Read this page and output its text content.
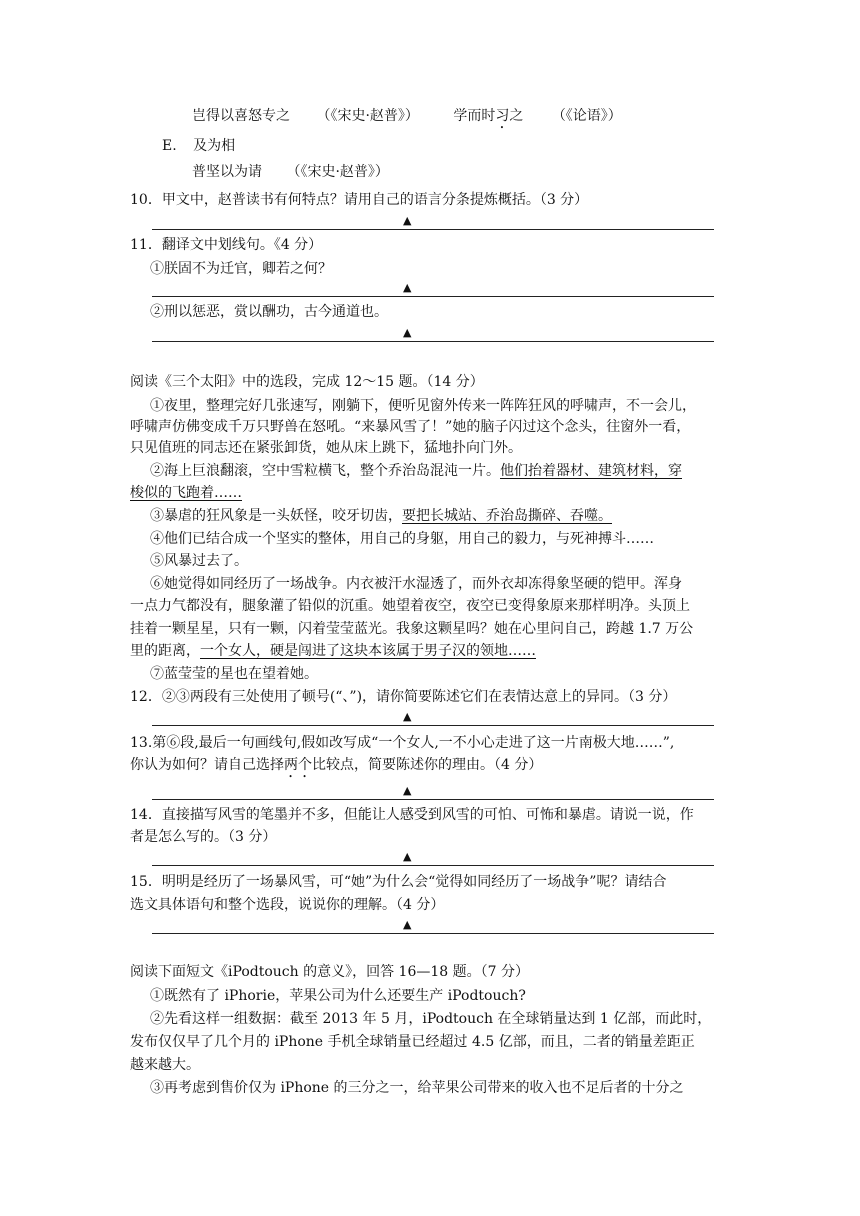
岂得以喜怒专之 （《宋史·赵普》） 学而时习之 （《论语》）
E. 及为相
普坚以为请 （《宋史·赵普》）
10．甲文中，赵普读书有何特点？请用自己的语言分条提炼概括。（3 分）
▲
11．翻译文中划线句。《4 分）
①朕固不为迁官，卿若之何？
▲
②刑以惩恶，赏以酬功，古今通道也。
▲
阅读《三个太阳》中的选段，完成 12～15 题。（14 分）
①夜里，整理完好几张速写，刚躺下，便听见窗外传来一阵阵狂风的呼啸声，不一会儿，
呼啸声仿佛变成千万只野兽在怒吼。“来暴风雪了！”她的脑子闪过这个念头，往窗外一看，
只见值班的同志还在紧张卸货，她从床上跳下，猛地扑向门外。
②海上巨浪翻滚，空中雪粒横飞，整个乔治岛混沌一片。他们抬着器材、建筑材料，穿
梭似的飞跑着……
③暴虐的狂风象是一头妖怪，咬牙切齿，要把长城站、乔治岛撕碎、吞噬。
④他们已结合成一个坚实的整体，用自己的身躯，用自己的毅力，与死神搏斗……
⑤风暴过去了。
⑥她觉得如同经历了一场战争。内衣被汗水湿透了，而外衣却冻得象坚硬的铠甲。浑身
一点力气都没有，腿象灌了铅似的沉重。她望着夜空，夜空已变得象原来那样明净。头顶上
挂着一颗星星，只有一颗，闪着莹莹蓝光。我象这颗星吗？她在心里问自己，跨越 1.7 万公
里的距离，一个女人，硬是闯进了这块本该属于男子汉的领地……
⑦蓝莹莹的星也在望着她。
12．②③两段有三处使用了顿号(“、”)，请你简要陈述它们在表情达意上的异同。（3 分）
▲
13.第⑥段,最后一句画线句,假如改写成“一个女人,一不小心走进了这一片南极大地……”,
你认为如何？请自己选择两个比较点，简要陈述你的理由。（4 分）
▲
14．直接描写风雪的笔墨并不多，但能让人感受到风雪的可怕、可怖和暴虐。请说一说，作
者是怎么写的。（3 分）
▲
15．明明是经历了一场暴风雪，可“她”为什么会“觉得如同经历了一场战争”呢？请结合
选文具体语句和整个选段，说说你的理解。（4 分）
▲
阅读下面短文《iPodtouch 的意义》，回答 16—18 题。（7 分）
①既然有了 iPhorie，苹果公司为什么还要生产 iPodtouch?
②先看这样一组数据：截至 2013 年 5 月，iPodtouch 在全球销量达到 1 亿部，而此时，
发布仅仅早了几个月的 iPhone 手机全球销量已经超过 4.5 亿部，而且，二者的销量差距正
越来越大。
③再考虑到售价仅为 iPhone 的三分之一，给苹果公司带来的收入也不足后者的十分之
